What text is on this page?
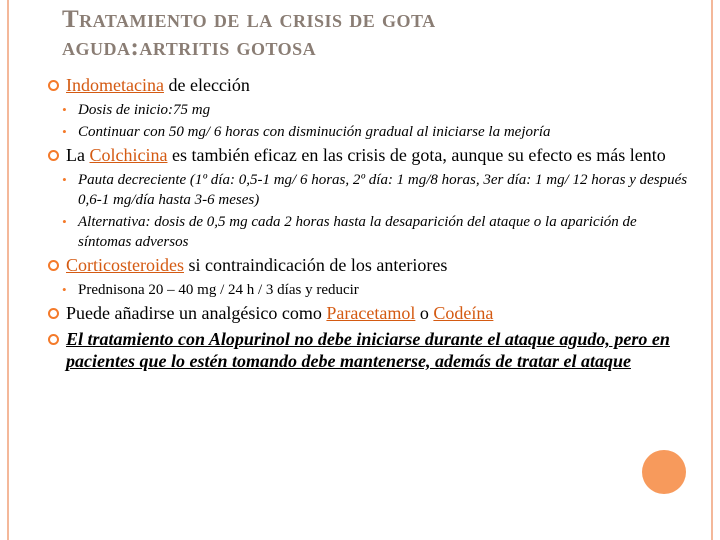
Tratamiento de la crisis de gota
aguda:artritis gotosa
Indometacina de elección
• Dosis de inicio:75 mg
• Continuar con 50 mg/ 6 horas con disminución gradual al iniciarse la mejoría
La Colchicina es también eficaz en las crisis de gota, aunque su efecto es más lento
• Pauta decreciente (1º día: 0,5-1 mg/ 6 horas, 2º día: 1 mg/8 horas, 3er día: 1 mg/ 12 horas y después 0,6-1 mg/día hasta 3-6 meses)
• Alternativa: dosis de 0,5 mg cada 2 horas hasta la desaparición del ataque o la aparición de síntomas adversos
Corticosteroides si contraindicación de los anteriores
• Prednisona 20 – 40 mg / 24 h / 3 días y reducir
Puede añadirse un analgésico como Paracetamol o Codeína
El tratamiento con Alopurinol no debe iniciarse durante el ataque agudo, pero en pacientes que lo estén tomando debe mantenerse, además de tratar el ataque
